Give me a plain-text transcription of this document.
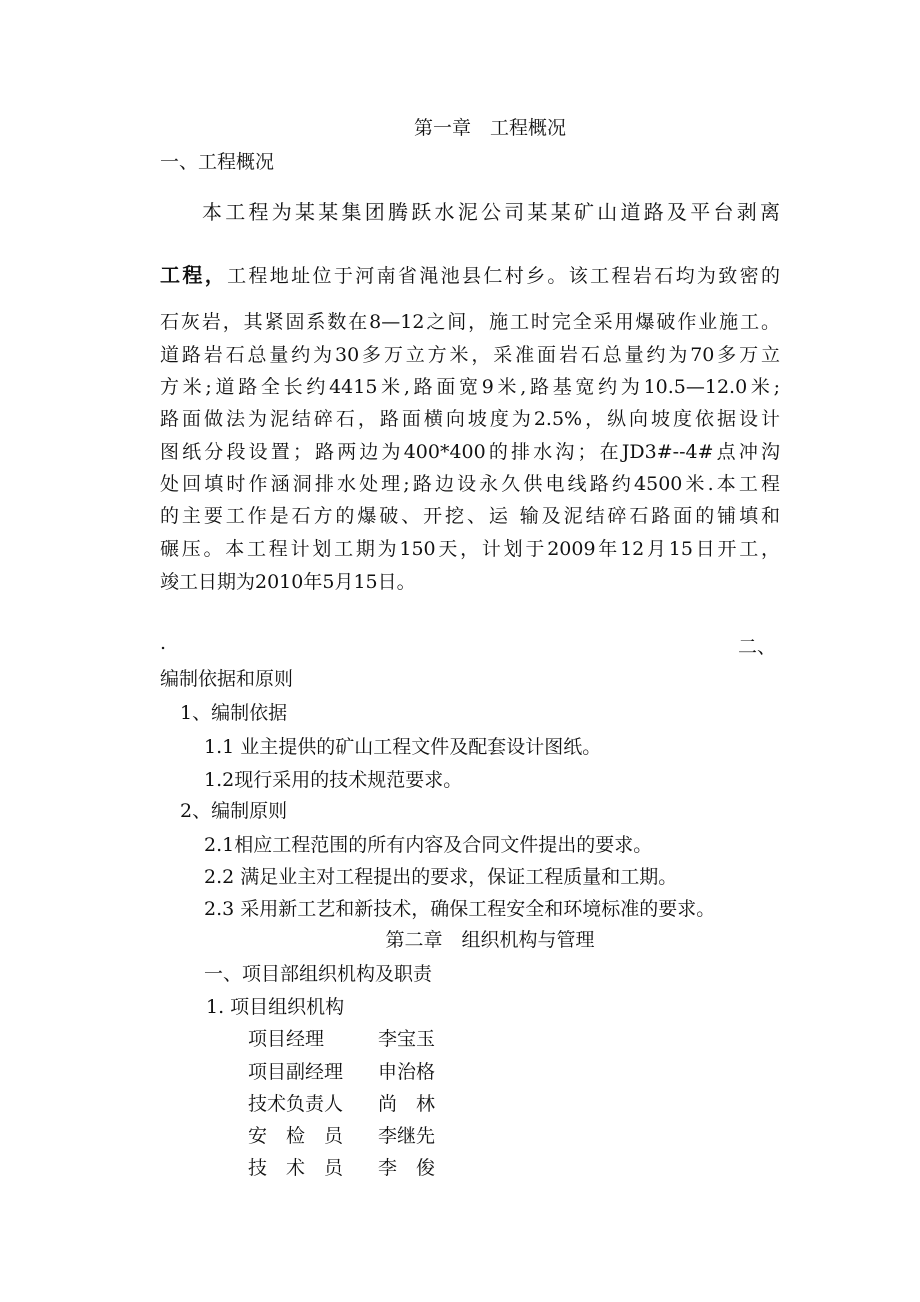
第一章　工程概况
一、工程概况
本工程为某某集团腾跃水泥公司某某矿山道路及平台剥离
工程，工程地址位于河南省渑池县仁村乡。该工程岩石均为致密的
石灰岩，其紧固系数在8—12之间，施工时完全采用爆破作业施工。
道路岩石总量约为30多万立方米，采准面岩石总量约为70多万立
方米;道路全长约4415米,路面宽9米,路基宽约为10.5—12.0米;
路面做法为泥结碎石，路面横向坡度为2.5%，纵向坡度依据设计
图纸分段设置；路两边为400*400的排水沟；在JD3#--4#点冲沟
处回填时作涵洞排水处理;路边设永久供电线路约4500米.本工程
的主要工作是石方的爆破、开挖、运 输及泥结碎石路面的铺填和
碾压。本工程计划工期为150天，计划于2009年12月15日开工，
竣工日期为2010年5月15日。
.	二、
编制依据和原则
1、编制依据
1.1 业主提供的矿山工程文件及配套设计图纸。
1.2现行采用的技术规范要求。
2、编制原则
2.1相应工程范围的所有内容及合同文件提出的要求。
2.2 满足业主对工程提出的要求，保证工程质量和工期。
2.3 采用新工艺和新技术，确保工程安全和环境标准的要求。
第二章　组织机构与管理
一、项目部组织机构及职责
1. 项目组织机构
项目经理	李宝玉
项目副经理 申治格
技术负责人 尚　林
安　检　员 李继先
技　术　员 李　俊
